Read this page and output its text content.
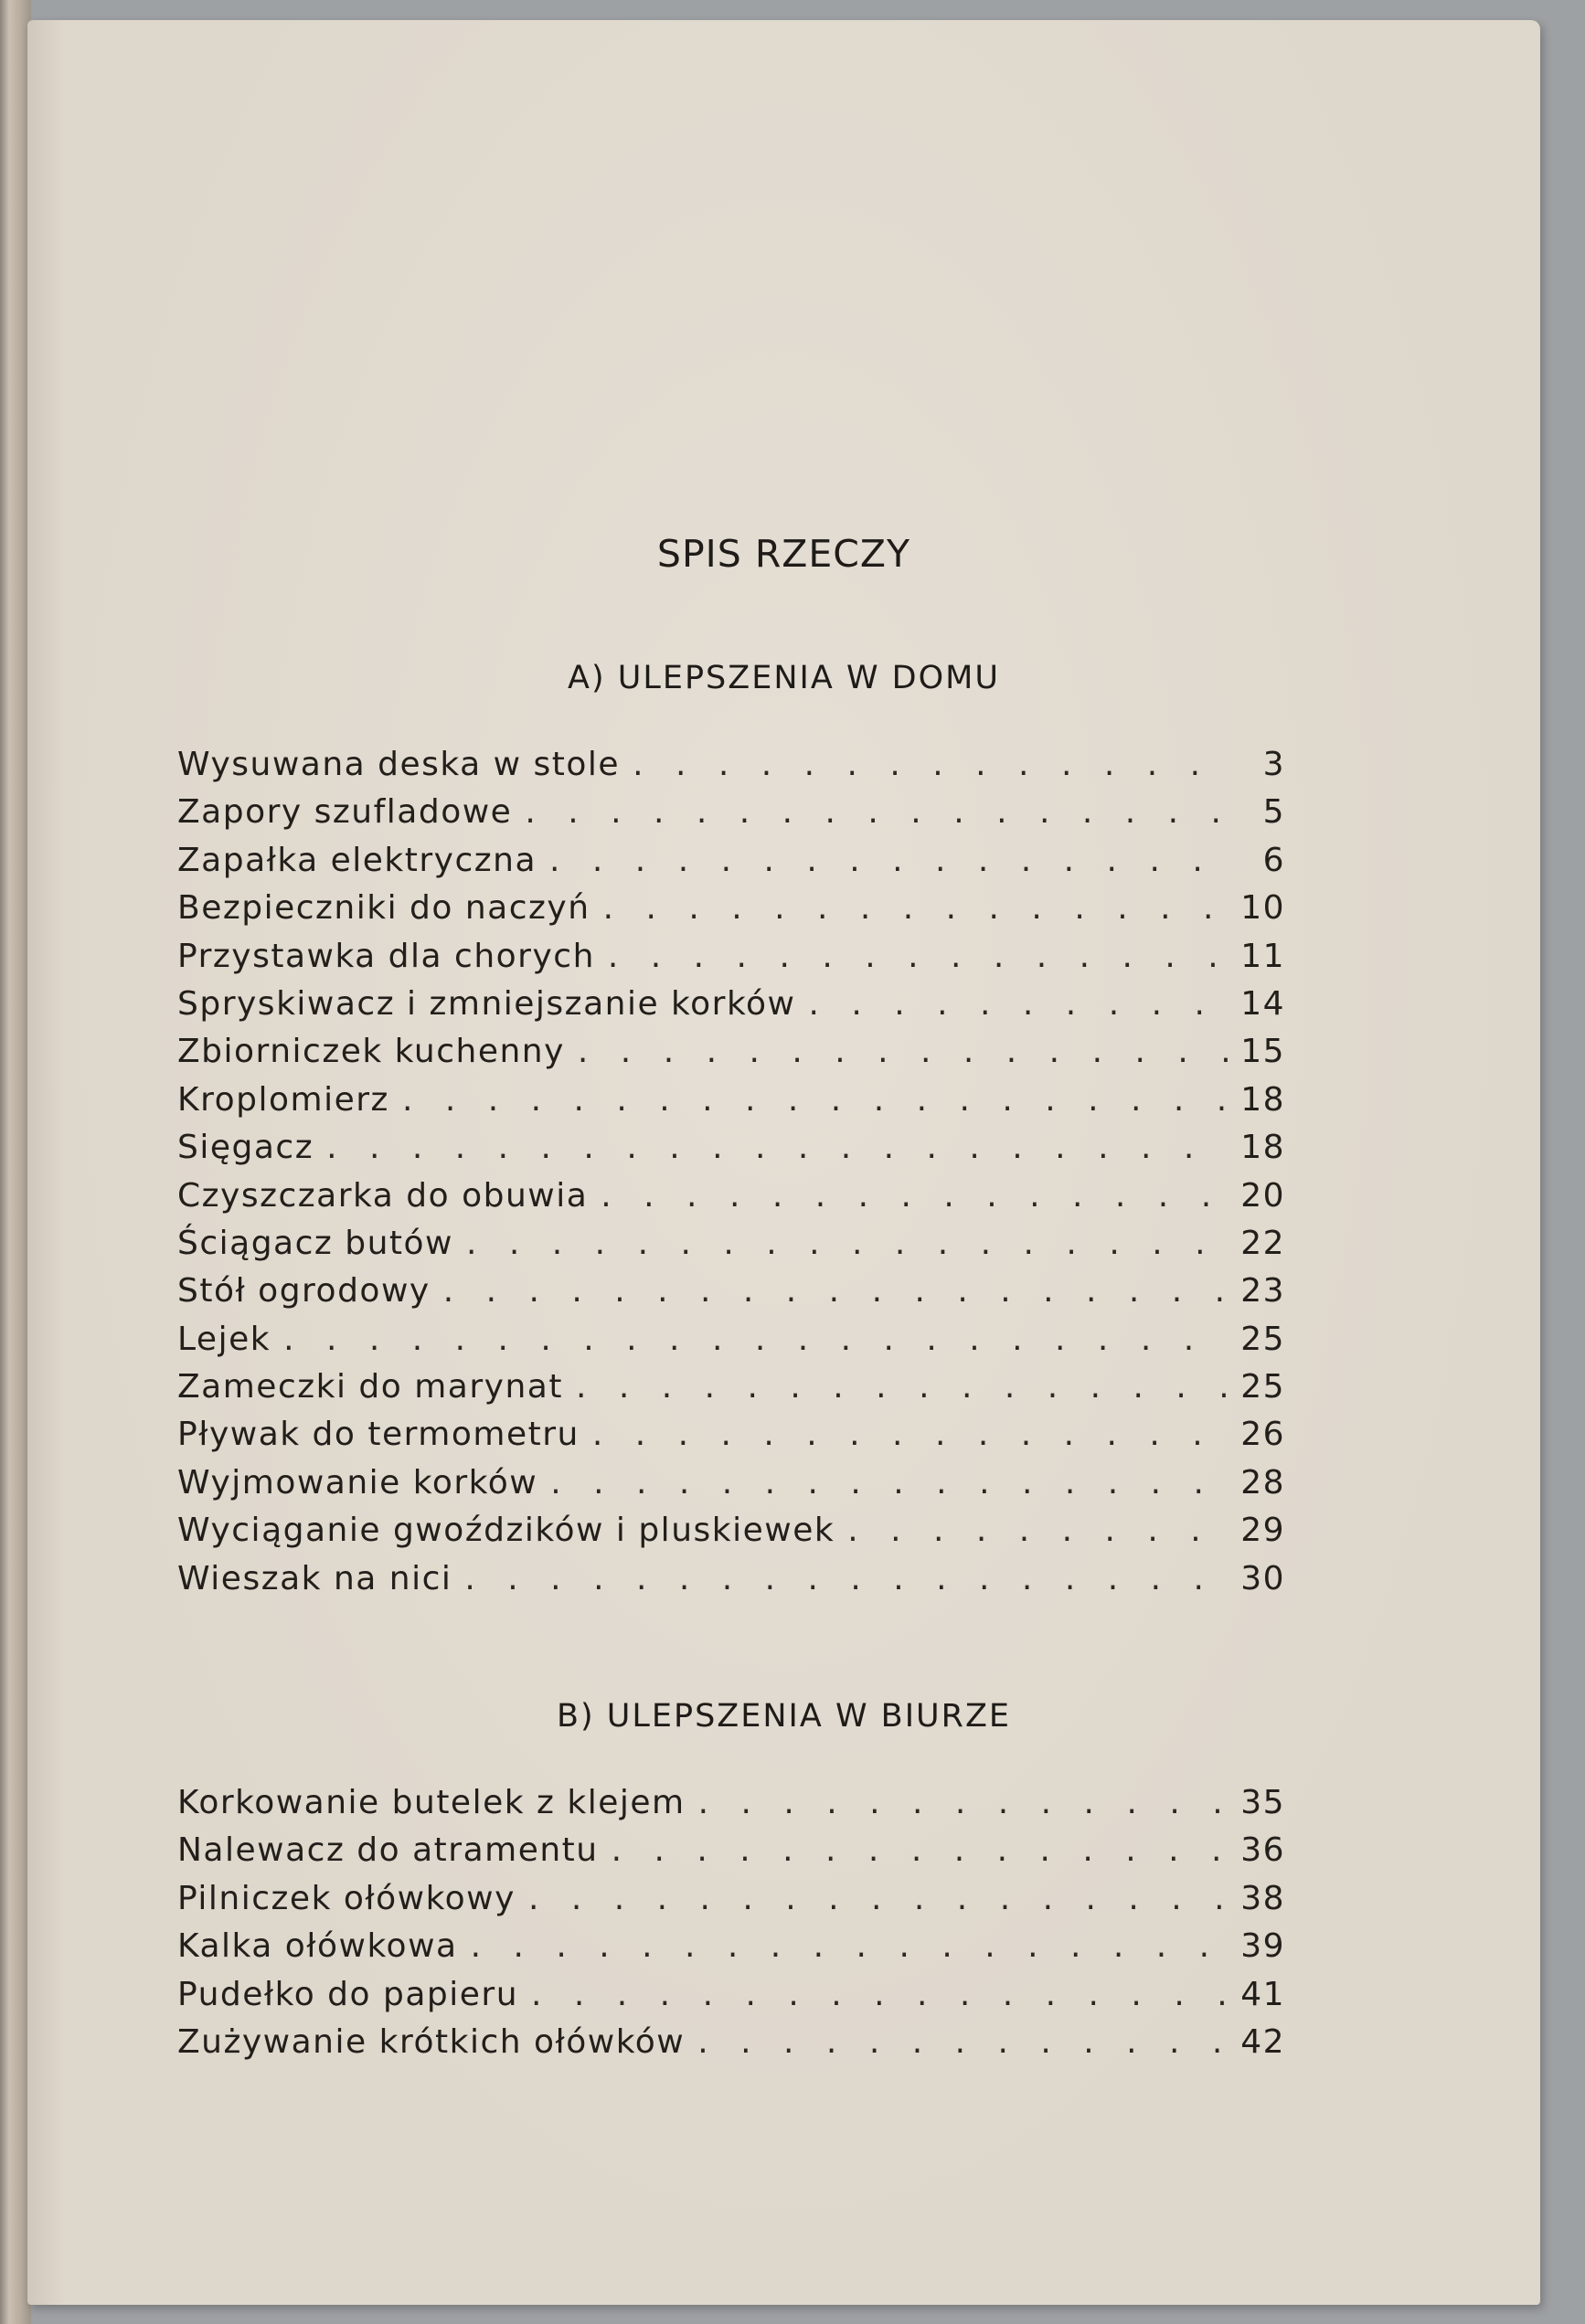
SPIS RZECZY
A) ULEPSZENIA W DOMU
Wysuwana deska w stole . . .	3
Zapory szufladowe . . .	5
Zapałka elektryczna . . .	6
Bezpieczniki do naczyń . . .	10
Przystawka dla chorych . . .	11
Spryskiwacz i zmniejszanie korków . . .	14
Zbiorniczek kuchenny . . .	15
Kroplomierz . . .	18
Sięgacz . . .	18
Czyszczarka do obuwia . . .	20
Ściągacz butów . . .	22
Stół ogrodowy . . .	23
Lejek . . .	25
Zameczki do marynat . . .	25
Pływak do termometru . . .	26
Wyjmowanie korków . . .	28
Wyciąganie gwoździków i pluskiewek . . .	29
Wieszak na nici . . .	30
B) ULEPSZENIA W BIURZE
Korkowanie butelek z klejem . . .	35
Nalewacz do atramentu . . .	36
Pilniczek ołówkowy . . .	38
Kalka ołówkowa . . .	39
Pudełko do papieru . . .	41
Zużywanie krótkich ołówków . . .	42
